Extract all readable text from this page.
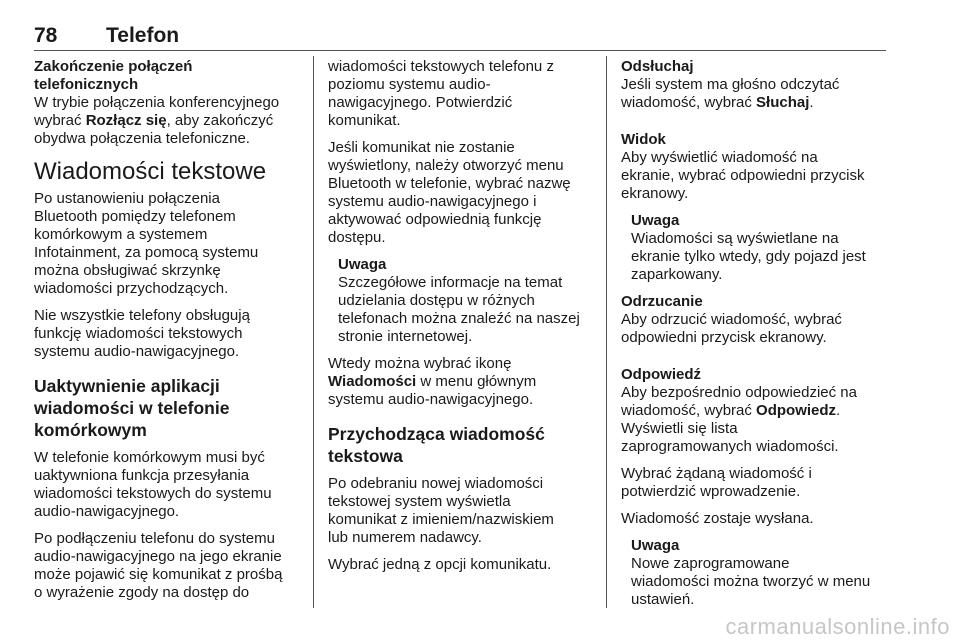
78 Telefon

Zakończenie połączeń
telefonicznych

W trybie połączenia konferencyjnego
wybrać Rozłącz się, aby zakończyć
obydwa połączenia telefoniczne.

Wiadomości tekstowe

Po ustanowieniu połączenia
Bluetooth pomiędzy telefonem
komórkowym a systemem
Infotainment, za pomocą systemu
można obsługiwać skrzynkę
wiadomości przychodzących.

Nie wszystkie telefony obsługują
funkcję wiadomości tekstowych
systemu audio-nawigacyjnego.

Uaktywnienie aplikacji
wiadomości w telefonie
komórkowym

W telefonie komórkowym musi być
uaktywniona funkcja przesyłania
wiadomości tekstowych do systemu
audio-nawigacyjnego.

Po podłączeniu telefonu do systemu
audio-nawigacyjnego na jego ekranie
może pojawić się komunikat z prośbą
o wyrażenie zgody na dostęp do

wiadomości tekstowych telefonu z
poziomu systemu audio-
nawigacyjnego. Potwierdzić
komunikat.

Jeśli komunikat nie zostanie
wyświetlony, należy otworzyć menu
Bluetooth w telefonie, wybrać nazwę
systemu audio-nawigacyjnego i
aktywować odpowiednią funkcję
dostępu.

Uwaga
Szczegółowe informacje na temat
udzielania dostępu w różnych
telefonach można znaleźć na naszej
stronie internetowej.

Wtedy można wybrać ikonę
Wiadomości w menu głównym
systemu audio-nawigacyjnego.

Przychodząca wiadomość
tekstowa

Po odebraniu nowej wiadomości
tekstowej system wyświetla
komunikat z imieniem/nazwiskiem
lub numerem nadawcy.

Wybrać jedną z opcji komunikatu.

Odsłuchaj

Jeśli system ma głośno odczytać
wiadomość, wybrać Słuchaj.

Widok

Aby wyświetlić wiadomość na
ekranie, wybrać odpowiedni przycisk
ekranowy.

Uwaga
Wiadomości są wyświetlane na
ekranie tylko wtedy, gdy pojazd jest
zaparkowany.

Odrzucanie

Aby odrzucić wiadomość, wybrać
odpowiedni przycisk ekranowy.

Odpowiedź

Aby bezpośrednio odpowiedzieć na
wiadomość, wybrać Odpowiedz.
Wyświetli się lista
zaprogramowanych wiadomości.

Wybrać żądaną wiadomość i
potwierdzić wprowadzenie.

Wiadomość zostaje wysłana.

Uwaga
Nowe zaprogramowane
wiadomości można tworzyć w menu
ustawień.
carmanualsonline.info
